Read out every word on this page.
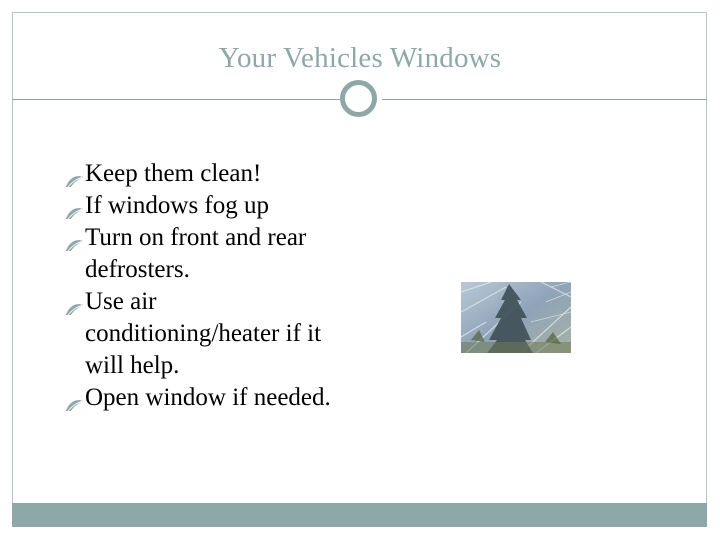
Your Vehicles Windows
Keep them clean!
If windows fog up
Turn on front and rear defrosters.
Use air conditioning/heater if it will help.
Open window if needed.
